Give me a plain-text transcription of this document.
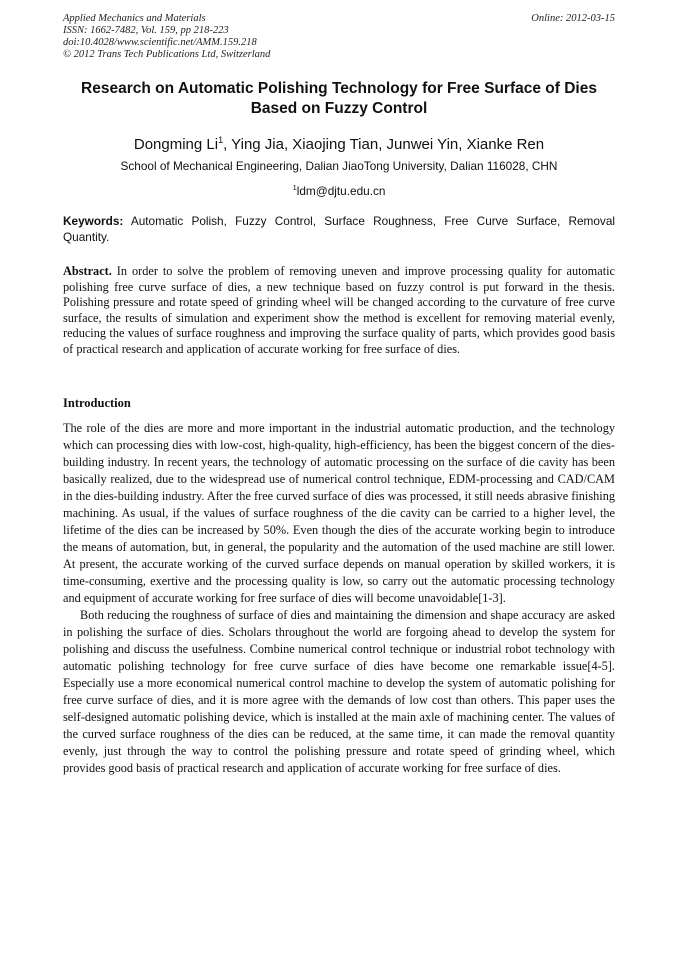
Applied Mechanics and Materials
ISSN: 1662-7482, Vol. 159, pp 218-223
doi:10.4028/www.scientific.net/AMM.159.218
© 2012 Trans Tech Publications Ltd, Switzerland
Online: 2012-03-15
Research on Automatic Polishing Technology for Free Surface of Dies Based on Fuzzy Control
Dongming Li$^1$, Ying Jia, Xiaojing Tian, Junwei Yin, Xianke Ren
School of Mechanical Engineering, Dalian JiaoTong University, Dalian 116028, CHN
$^1$ldm@djtu.edu.cn
Keywords: Automatic Polish, Fuzzy Control, Surface Roughness, Free Curve Surface, Removal Quantity.
Abstract. In order to solve the problem of removing uneven and improve processing quality for automatic polishing free curve surface of dies, a new technique based on fuzzy control is put forward in the thesis. Polishing pressure and rotate speed of grinding wheel will be changed according to the curvature of free curve surface, the results of simulation and experiment show the method is excellent for removing material evenly, reducing the values of surface roughness and improving the surface quality of parts, which provides good basis of practical research and application of accurate working for free surface of dies.
Introduction

The role of the dies are more and more important in the industrial automatic production, and the technology which can processing dies with low-cost, high-quality, high-efficiency, has been the biggest concern of the dies-building industry. In recent years, the technology of automatic processing on the surface of die cavity has been basically realized, due to the widespread use of numerical control technique, EDM-processing and CAD/CAM in the dies-building industry. After the free curved surface of dies was processed, it still needs abrasive finishing machining. As usual, if the values of surface roughness of the die cavity can be carried to a higher level, the lifetime of the dies can be increased by 50%. Even though the dies of the accurate working begin to introduce the means of automation, but, in general, the popularity and the automation of the used machine are still lower. At present, the accurate working of the curved surface depends on manual operation by skilled workers, it is time-consuming, exertive and the processing quality is low, so carry out the automatic processing technology and equipment of accurate working for free surface of dies will become unavoidable[1-3].

Both reducing the roughness of surface of dies and maintaining the dimension and shape accuracy are asked in polishing the surface of dies. Scholars throughout the world are forgoing ahead to develop the system for polishing and discuss the usefulness. Combine numerical control technique or industrial robot technology with automatic polishing technology for free curve surface of dies have become one remarkable issue[4-5]. Especially use a more economical numerical control machine to develop the system of automatic polishing for free curve surface of dies, and it is more agree with the demands of low cost than others. This paper uses the self-designed automatic polishing device, which is installed at the main axle of machining center. The values of the curved surface roughness of the dies can be reduced, at the same time, it can made the removal quantity evenly, just through the way to control the polishing pressure and rotate speed of grinding wheel, which provides good basis of practical research and application of accurate working for free surface of dies.
